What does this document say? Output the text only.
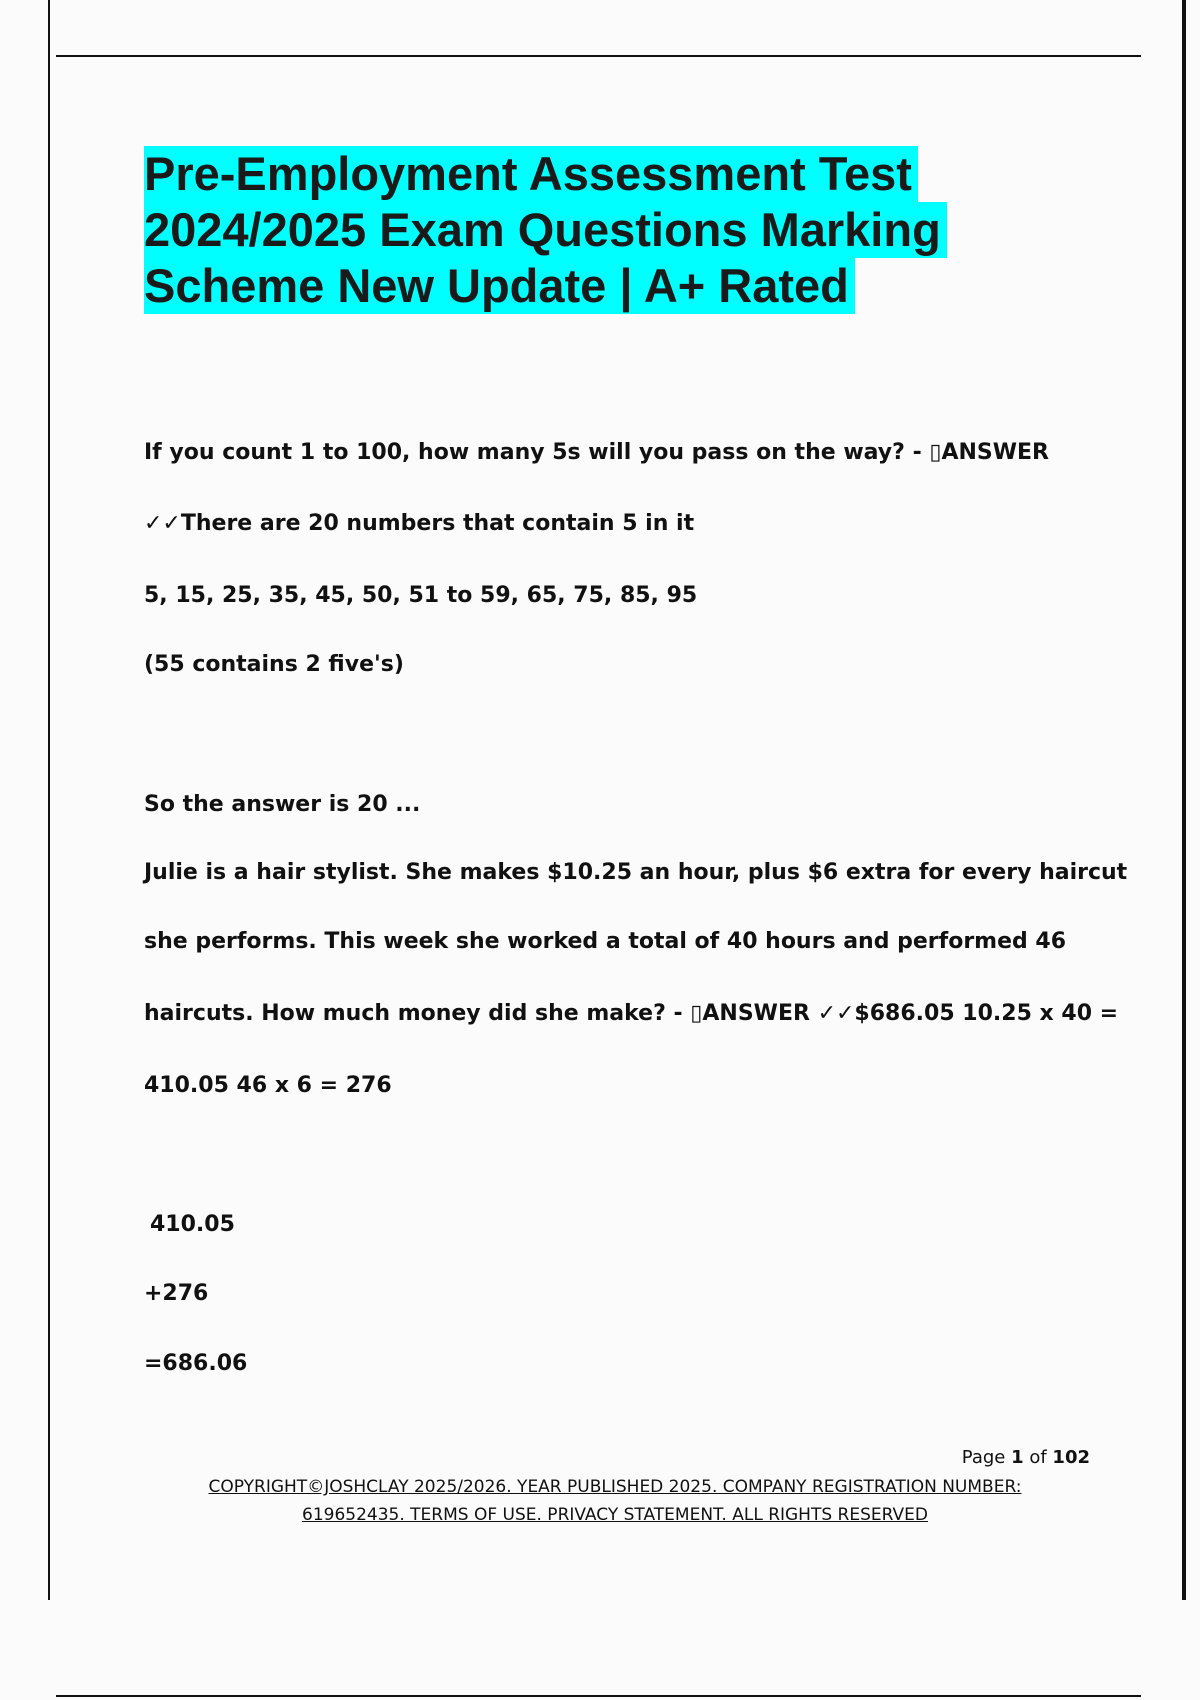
Pre-Employment Assessment Test
2024/2025 Exam Questions Marking
Scheme New Update | A+ Rated

If you count 1 to 100, how many 5s will you pass on the way? - ▯ANSWER

✓✓There are 20 numbers that contain 5 in it

5, 15, 25, 35, 45, 50, 51 to 59, 65, 75, 85, 95

(55 contains 2 five's)

So the answer is 20 ...

Julie is a hair stylist. She makes $10.25 an hour, plus $6 extra for every haircut

she performs. This week she worked a total of 40 hours and performed 46

haircuts. How much money did she make? - ▯ANSWER ✓✓$686.05 10.25 x 40 =

410.05 46 x 6 = 276

410.05

+276

=686.06

Page 1 of 102

COPYRIGHT©JOSHCLAY 2025/2026. YEAR PUBLISHED 2025. COMPANY REGISTRATION NUMBER:
619652435. TERMS OF USE. PRIVACY STATEMENT. ALL RIGHTS RESERVED
